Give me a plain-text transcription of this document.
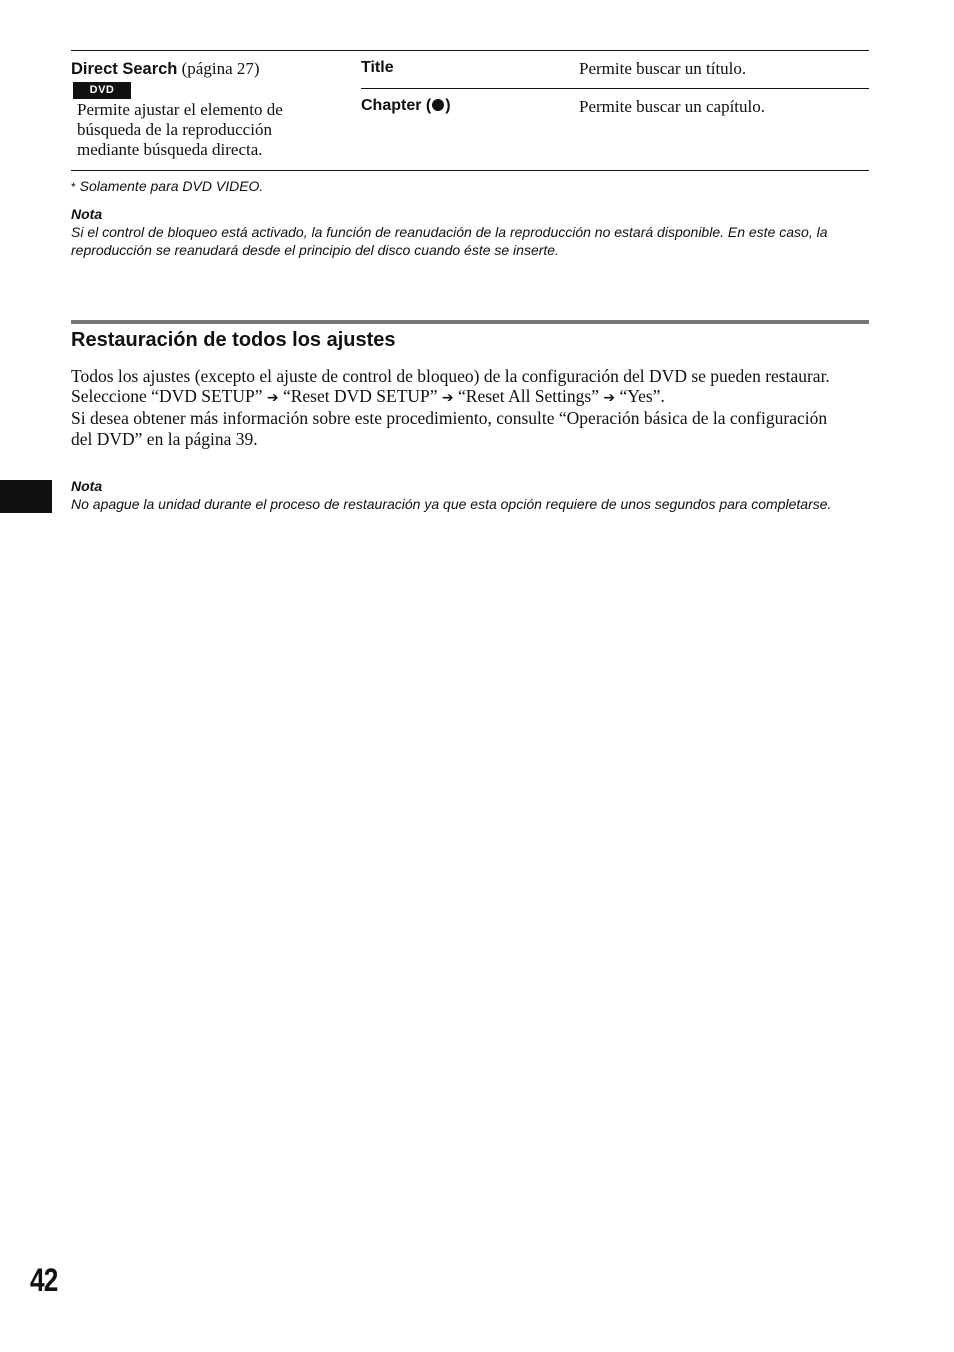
Direct Search (página 27)
DVD
Permite ajustar el elemento de búsqueda de la reproducción mediante búsqueda directa.
Title	Permite buscar un título.
Chapter ( )	Permite buscar un capítulo.
* Solamente para DVD VIDEO.
Nota
Si el control de bloqueo está activado, la función de reanudación de la reproducción no estará disponible. En este caso, la reproducción se reanudará desde el principio del disco cuando éste se inserte.
Restauración de todos los ajustes

Todos los ajustes (excepto el ajuste de control de bloqueo) de la configuración del DVD se pueden restaurar.

Seleccione “DVD SETUP” ➔ “Reset DVD SETUP” ➔ “Reset All Settings” ➔ “Yes”.

Si desea obtener más información sobre este procedimiento, consulte “Operación básica de la configuración del DVD” en la página 39.

Nota
No apague la unidad durante el proceso de restauración ya que esta opción requiere de unos segundos para completarse.
42
